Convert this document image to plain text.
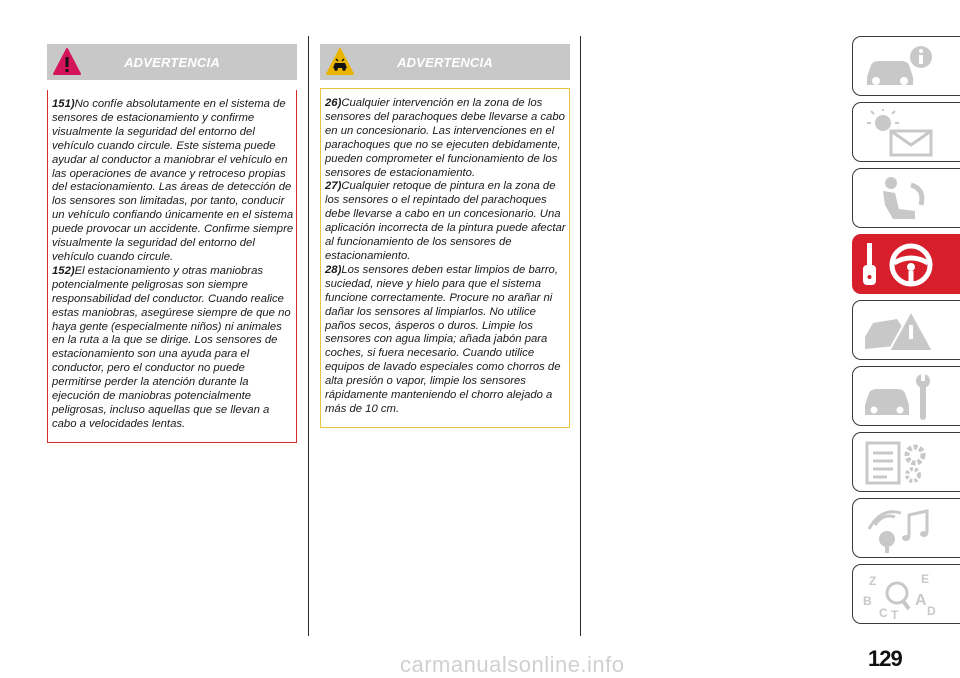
ADVERTENCIA

151)No confíe absolutamente en el sistema de sensores de estacionamiento y confirme visualmente la seguridad del entorno del vehículo cuando circule. Este sistema puede ayudar al conductor a maniobrar el vehículo en las operaciones de avance y retroceso propias del estacionamiento. Las áreas de detección de los sensores son limitadas, por tanto, conducir un vehículo confiando únicamente en el sistema puede provocar un accidente. Confirme siempre visualmente la seguridad del entorno del vehículo cuando circule.

152)El estacionamiento y otras maniobras potencialmente peligrosas son siempre responsabilidad del conductor. Cuando realice estas maniobras, asegúrese siempre de que no haya gente (especialmente niños) ni animales en la ruta a la que se dirige. Los sensores de estacionamiento son una ayuda para el conductor, pero el conductor no puede permitirse perder la atención durante la ejecución de maniobras potencialmente peligrosas, incluso aquellas que se llevan a cabo a velocidades lentas.

ADVERTENCIA

26)Cualquier intervención en la zona de los sensores del parachoques debe llevarse a cabo en un concesionario. Las intervenciones en el parachoques que no se ejecuten debidamente, pueden comprometer el funcionamiento de los sensores de estacionamiento.

27)Cualquier retoque de pintura en la zona de los sensores o el repintado del parachoques debe llevarse a cabo en un concesionario. Una aplicación incorrecta de la pintura puede afectar al funcionamiento de los sensores de estacionamiento.

28)Los sensores deben estar limpios de barro, suciedad, nieve y hielo para que el sistema funcione correctamente. Procure no arañar ni dañar los sensores al limpiarlos. No utilice paños secos, ásperos o duros. Limpie los sensores con agua limpia; añada jabón para coches, si fuera necesario. Cuando utilice equipos de lavado especiales como chorros de alta presión o vapor, limpie los sensores rápidamente manteniendo el chorro alejado a más de 10 cm.

Z	E
B	A
C T D
129
carmanualsonline.info
